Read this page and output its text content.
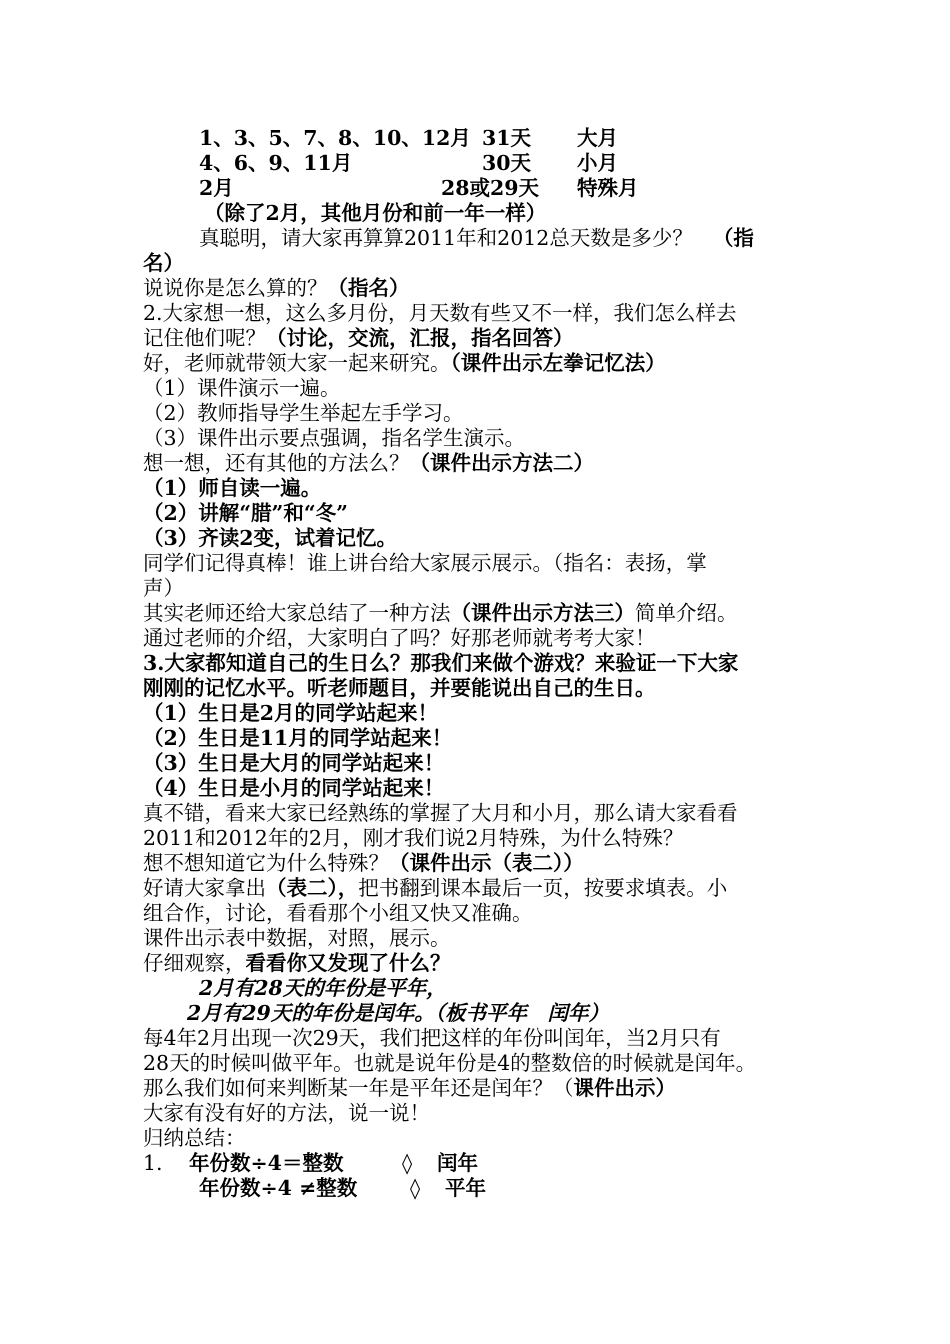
1、3、5、7、8、10、12月 31天 大月
4、6、9、11月	30天 小月
2月	28或29天 特殊月
（除了2月，其他月份和前一年一样）
真聪明，请大家再算算2011年和2012总天数是多少？ （指
名）
说说你是怎么算的？（指名）
2.大家想一想，这么多月份，月天数有些又不一样，我们怎么样去
记住他们呢？（讨论，交流，汇报，指名回答）
好，老师就带领大家一起来研究。（课件出示左拳记忆法）
（1）课件演示一遍。
（2）教师指导学生举起左手学习。
（3）课件出示要点强调，指名学生演示。
想一想，还有其他的方法么？（课件出示方法二）
（1）师自读一遍。
（2）讲解“腊”和“冬”
（3）齐读2变，试着记忆。
同学们记得真棒！谁上讲台给大家展示展示。（指名：表扬，掌
声）
其实老师还给大家总结了一种方法（课件出示方法三）简单介绍。
通过老师的介绍，大家明白了吗？好那老师就考考大家！
3.大家都知道自己的生日么？那我们来做个游戏？来验证一下大家
刚刚的记忆水平。听老师题目，并要能说出自己的生日。
（1）生日是2月的同学站起来！
（2）生日是11月的同学站起来！
（3）生日是大月的同学站起来！
（4）生日是小月的同学站起来！
真不错，看来大家已经熟练的掌握了大月和小月，那么请大家看看
2011和2012年的2月，刚才我们说2月特殊，为什么特殊？
想不想知道它为什么特殊？（课件出示（表二））
好请大家拿出（表二），把书翻到课本最后一页，按要求填表。小
组合作，讨论，看看那个小组又快又准确。
课件出示表中数据，对照，展示。
仔细观察，看看你又发现了什么？
2月有28天的年份是平年，
2月有29天的年份是闰年。（板书平年　闰年）
每4年2月出现一次29天，我们把这样的年份叫闰年，当2月只有
28天的时候叫做平年。也就是说年份是4的整数倍的时候就是闰年。
那么我们如何来判断某一年是平年还是闰年？（课件出示）
大家有没有好的方法，说一说！
归纳总结：
1. 年份数÷4＝整数	◊ 闰年
年份数÷4 ≠整数	◊ 平年
